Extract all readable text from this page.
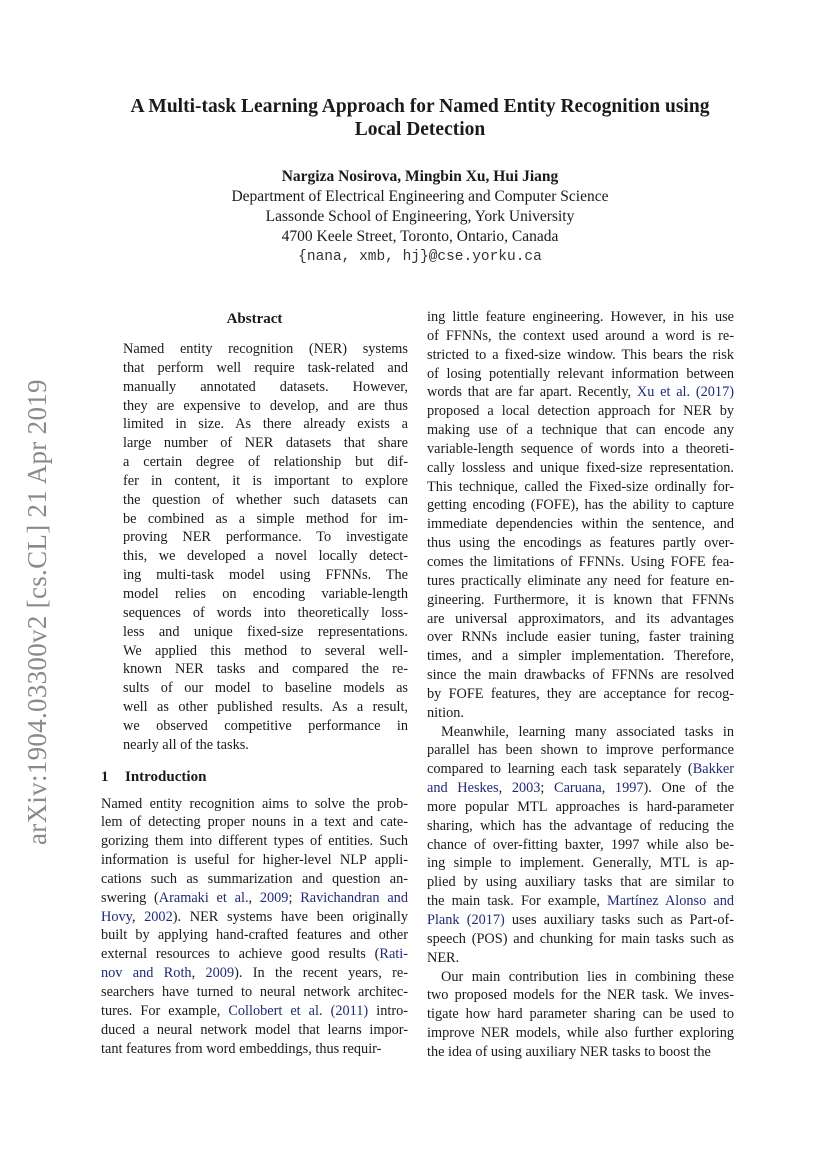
arXiv:1904.03300v2 [cs.CL] 21 Apr 2019
A Multi-task Learning Approach for Named Entity Recognition using
Local Detection
Nargiza Nosirova, Mingbin Xu, Hui Jiang
Department of Electrical Engineering and Computer Science
Lassonde School of Engineering, York University
4700 Keele Street, Toronto, Ontario, Canada
{nana, xmb, hj}@cse.yorku.ca
Abstract
Named entity recognition (NER) systems
that perform well require task-related and
manually annotated datasets. However,
they are expensive to develop, and are thus
limited in size. As there already exists a
large number of NER datasets that share
a certain degree of relationship but dif-
fer in content, it is important to explore
the question of whether such datasets can
be combined as a simple method for im-
proving NER performance. To investigate
this, we developed a novel locally detect-
ing multi-task model using FFNNs. The
model relies on encoding variable-length
sequences of words into theoretically loss-
less and unique fixed-size representations.
We applied this method to several well-
known NER tasks and compared the re-
sults of our model to baseline models as
well as other published results. As a result,
we observed competitive performance in
nearly all of the tasks.
1 Introduction
Named entity recognition aims to solve the prob-
lem of detecting proper nouns in a text and cate-
gorizing them into different types of entities. Such
information is useful for higher-level NLP appli-
cations such as summarization and question an-
swering (Aramaki et al., 2009; Ravichandran and
Hovy, 2002). NER systems have been originally
built by applying hand-crafted features and other
external resources to achieve good results (Rati-
nov and Roth, 2009). In the recent years, re-
searchers have turned to neural network architec-
tures. For example, Collobert et al. (2011) intro-
duced a neural network model that learns impor-
tant features from word embeddings, thus requir-
ing little feature engineering. However, in his use
of FFNNs, the context used around a word is re-
stricted to a fixed-size window. This bears the risk
of losing potentially relevant information between
words that are far apart. Recently, Xu et al. (2017)
proposed a local detection approach for NER by
making use of a technique that can encode any
variable-length sequence of words into a theoreti-
cally lossless and unique fixed-size representation.
This technique, called the Fixed-size ordinally for-
getting encoding (FOFE), has the ability to capture
immediate dependencies within the sentence, and
thus using the encodings as features partly over-
comes the limitations of FFNNs. Using FOFE fea-
tures practically eliminate any need for feature en-
gineering. Furthermore, it is known that FFNNs
are universal approximators, and its advantages
over RNNs include easier tuning, faster training
times, and a simpler implementation. Therefore,
since the main drawbacks of FFNNs are resolved
by FOFE features, they are acceptance for recog-
nition.
Meanwhile, learning many associated tasks in
parallel has been shown to improve performance
compared to learning each task separately (Bakker
and Heskes, 2003; Caruana, 1997). One of the
more popular MTL approaches is hard-parameter
sharing, which has the advantage of reducing the
chance of over-fitting baxter, 1997 while also be-
ing simple to implement. Generally, MTL is ap-
plied by using auxiliary tasks that are similar to
the main task. For example, Martínez Alonso and
Plank (2017) uses auxiliary tasks such as Part-of-
speech (POS) and chunking for main tasks such as
NER.
Our main contribution lies in combining these
two proposed models for the NER task. We inves-
tigate how hard parameter sharing can be used to
improve NER models, while also further exploring
the idea of using auxiliary NER tasks to boost the
